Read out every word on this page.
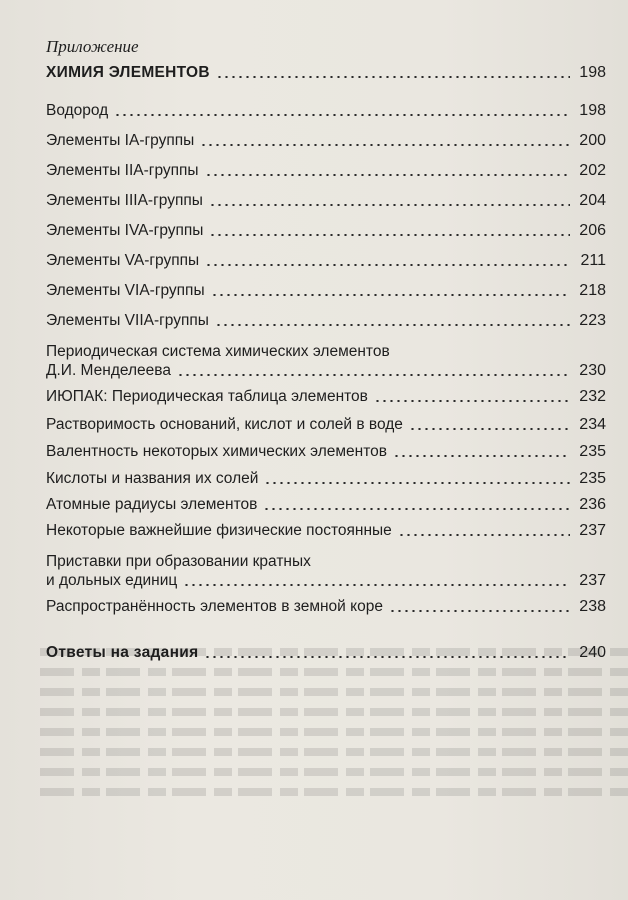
Приложение
ХИМИЯ ЭЛЕМЕНТОВ	198
Водород	198
Элементы IA-группы	200
Элементы IIA-группы	202
Элементы IIIA-группы	204
Элементы IVA-группы	206
Элементы VA-группы	211
Элементы VIA-группы	218
Элементы VIIA-группы	223
Периодическая система химических элементов
Д.И. Менделеева	230
ИЮПАК: Периодическая таблица элементов	232
Растворимость оснований, кислот и солей в воде	234
Валентность некоторых химических элементов	235
Кислоты и названия их солей	235
Атомные радиусы элементов	236
Некоторые важнейшие физические постоянные	237
Приставки при образовании кратных
и дольных единиц	237
Распространённость элементов в земной коре	238
Ответы на задания	240
